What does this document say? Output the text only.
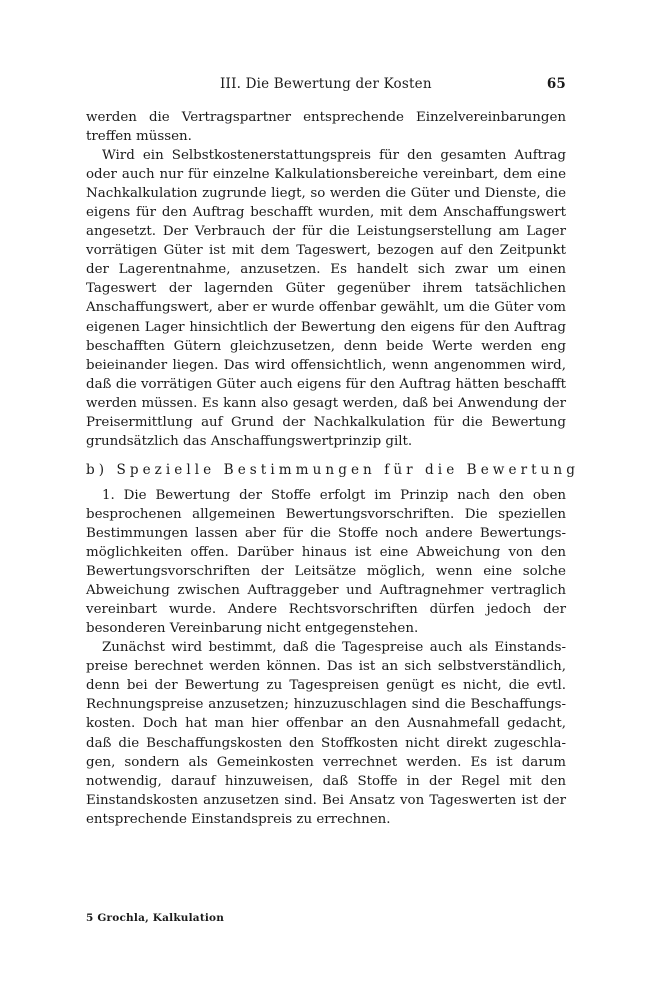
III. Die Bewertung der Kosten	65

werden die Vertragspartner entsprechende Einzelvereinbarungen treffen müssen.

Wird ein Selbstkostenerstattungspreis für den gesamten Auftrag oder auch nur für einzelne Kalkulationsbereiche vereinbart, dem eine Nachkalkulation zugrunde liegt, so werden die Güter und Dienste, die eigens für den Auftrag beschafft wurden, mit dem Anschaffungswert angesetzt. Der Verbrauch der für die Leistungserstellung am Lager vorrätigen Güter ist mit dem Tageswert, bezogen auf den Zeitpunkt der Lagerentnahme, anzusetzen. Es handelt sich zwar um einen Tageswert der lagernden Güter gegenüber ihrem tatsächlichen Anschaffungswert, aber er wurde offenbar gewählt, um die Güter vom eigenen Lager hinsichtlich der Bewertung den eigens für den Auftrag beschafften Gütern gleichzusetzen, denn beide Werte werden eng beieinander liegen. Das wird offensichtlich, wenn angenommen wird, daß die vorrätigen Güter auch eigens für den Auftrag hätten beschafft werden müssen. Es kann also gesagt werden, daß bei Anwendung der Preisermittlung auf Grund der Nachkalkulation für die Bewertung grundsätzlich das Anschaffungswertprinzip gilt.

b) Spezielle Bestimmungen für die Bewertung

1. Die Bewertung der Stoffe erfolgt im Prinzip nach den oben besprochenen allgemeinen Bewertungsvorschriften. Die speziellen Bestimmungen lassen aber für die Stoffe noch andere Bewertungsmöglichkeiten offen. Darüber hinaus ist eine Abweichung von den Bewertungsvorschriften der Leitsätze möglich, wenn eine solche Abweichung zwischen Auftraggeber und Auftragnehmer vertraglich vereinbart wurde. Andere Rechtsvorschriften dürfen jedoch der besonderen Vereinbarung nicht entgegenstehen.

Zunächst wird bestimmt, daß die Tagespreise auch als Einstandspreise berechnet werden können. Das ist an sich selbstverständlich, denn bei der Bewertung zu Tagespreisen genügt es nicht, die evtl. Rechnungspreise anzusetzen; hinzuzuschlagen sind die Beschaffungskosten. Doch hat man hier offenbar an den Ausnahmefall gedacht, daß die Beschaffungskosten den Stoffkosten nicht direkt zugeschlagen, sondern als Gemeinkosten verrechnet werden. Es ist darum notwendig, darauf hinzuweisen, daß Stoffe in der Regel mit den Einstandskosten anzusetzen sind. Bei Ansatz von Tageswerten ist der entsprechende Einstandspreis zu errechnen.

5 Grochla, Kalkulation
